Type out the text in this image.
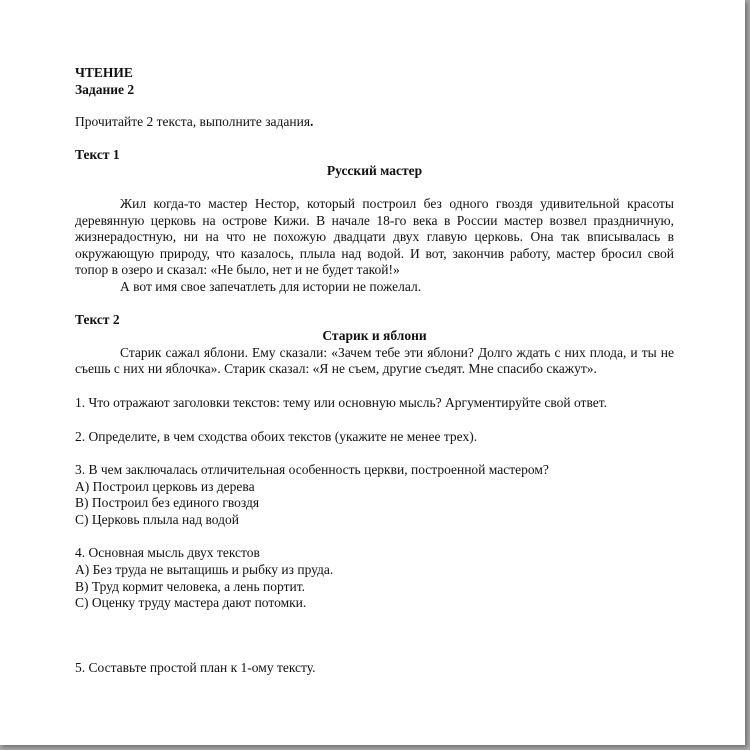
ЧТЕНИЕ

Задание 2

Прочитайте 2 текста, выполните задания.

Текст 1

Русский мастер

Жил когда-то мастер Нестор, который построил без одного гвоздя удивительной красоты деревянную церковь на острове Кижи. В начале 18-го века в России мастер возвел праздничную, жизнерадостную, ни на что не похожую двадцати двух главую церковь. Она так вписывалась в окружающую природу, что казалось, плыла над водой. И вот, закончив работу, мастер бросил свой топор в озеро и сказал: «Не было, нет и не будет такой!»

А вот имя свое запечатлеть для истории не пожелал.

Текст 2

Старик и яблони

Старик сажал яблони. Ему сказали: «Зачем тебе эти яблони? Долго ждать с них плода, и ты не съешь с них ни яблочка». Старик сказал: «Я не съем, другие съедят. Мне спасибо скажут».

1. Что отражают заголовки текстов: тему или основную мысль? Аргументируйте свой ответ.

2. Определите, в чем сходства обоих текстов (укажите не менее трех).

3. В чем заключалась отличительная особенность церкви, построенной мастером?

А) Построил церковь из дерева

В) Построил без единого гвоздя

С) Церковь плыла над водой

4. Основная мысль двух текстов

А) Без труда не вытащишь и рыбку из пруда.

В) Труд кормит человека, а лень портит.

С) Оценку труду мастера дают потомки.

5. Составьте простой план к 1-ому тексту.
